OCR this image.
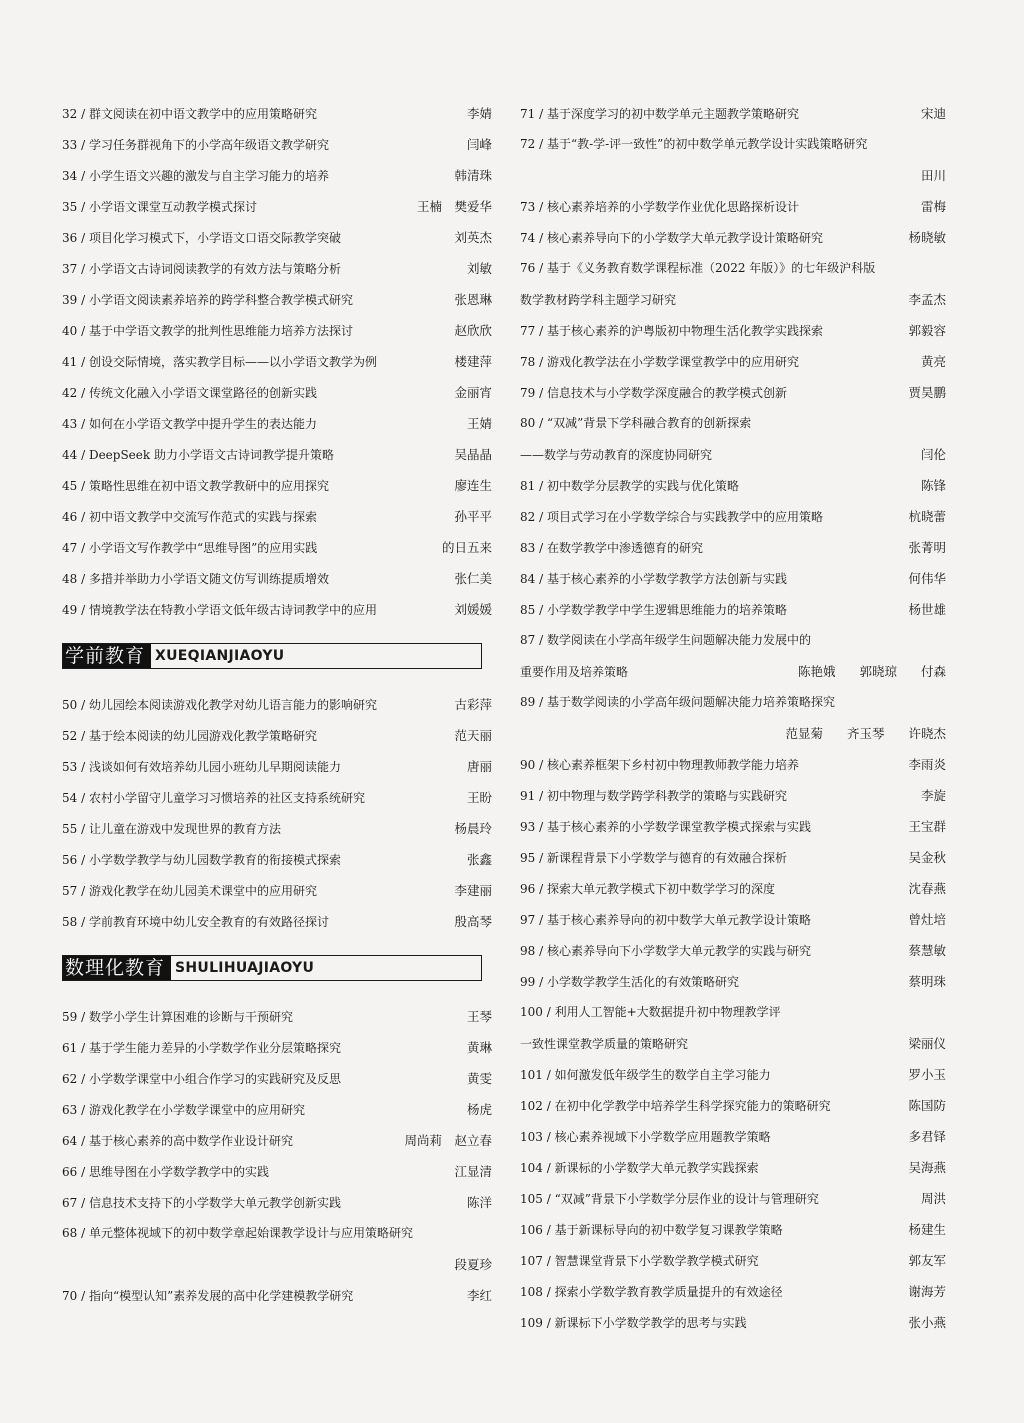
32 / 群文阅读在初中语文教学中的应用策略研究	李婧
33 / 学习任务群视角下的小学高年级语文教学研究	闫峰
34 / 小学生语文兴趣的激发与自主学习能力的培养	韩清珠
35 / 小学语文课堂互动教学模式探讨	王楠　樊爱华
36 / 项目化学习模式下，小学语文口语交际教学突破	刘英杰
37 / 小学语文古诗词阅读教学的有效方法与策略分析	刘敏
39 / 小学语文阅读素养培养的跨学科整合教学模式研究	张恩琳
40 / 基于中学语文教学的批判性思维能力培养方法探讨	赵欣欣
41 / 创设交际情境，落实教学目标——以小学语文教学为例	楼建萍
42 / 传统文化融入小学语文课堂路径的创新实践	金丽宵
43 / 如何在小学语文教学中提升学生的表达能力	王婧
44 / DeepSeek 助力小学语文古诗词教学提升策略	吴晶晶
45 / 策略性思维在初中语文教学教研中的应用探究	廖连生
46 / 初中语文教学中交流写作范式的实践与探索	孙平平
47 / 小学语文写作教学中“思维导图”的应用实践	的日五来
48 / 多措并举助力小学语文随文仿写训练提质增效	张仁美
49 / 情境教学法在特教小学语文低年级古诗词教学中的应用	刘媛媛
学前教育 XUEQIANJIAOYU
50 / 幼儿园绘本阅读游戏化教学对幼儿语言能力的影响研究	古彩萍
52 / 基于绘本阅读的幼儿园游戏化教学策略研究	范天丽
53 / 浅谈如何有效培养幼儿园小班幼儿早期阅读能力	唐丽
54 / 农村小学留守儿童学习习惯培养的社区支持系统研究	王盼
55 / 让儿童在游戏中发现世界的教育方法	杨晨玲
56 / 小学数学教学与幼儿园数学教育的衔接模式探索	张鑫
57 / 游戏化教学在幼儿园美术课堂中的应用研究	李建丽
58 / 学前教育环境中幼儿安全教育的有效路径探讨	殷高琴
数理化教育 SHULIHUAJIAOYU
59 / 数学小学生计算困难的诊断与干预研究	王琴
61 / 基于学生能力差异的小学数学作业分层策略探究	黄琳
62 / 小学数学课堂中小组合作学习的实践研究及反思	黄雯
63 / 游戏化教学在小学数学课堂中的应用研究	杨虎
64 / 基于核心素养的高中数学作业设计研究	周尚莉　赵立春
66 / 思维导图在小学数学教学中的实践	江显清
67 / 信息技术支持下的小学数学大单元教学创新实践	陈洋
68 / 单元整体视域下的初中数学章起始课教学设计与应用策略研究
段夏珍
70 / 指向“模型认知”素养发展的高中化学建模教学研究	李红
71 / 基于深度学习的初中数学单元主题教学策略研究	宋迪
72 / 基于“教-学-评一致性”的初中数学单元教学设计实践策略研究
田川
73 / 核心素养培养的小学数学作业优化思路探析设计	雷梅
74 / 核心素养导向下的小学数学大单元教学设计策略研究	杨晓敏
76 / 基于《义务教育数学课程标准（2022 年版）》的七年级沪科版
数学教材跨学科主题学习研究	李孟杰
77 / 基于核心素养的沪粤版初中物理生活化教学实践探索	郭毅容
78 / 游戏化教学法在小学数学课堂教学中的应用研究	黄亮
79 / 信息技术与小学数学深度融合的教学模式创新	贾昊鹏
80 / “双减”背景下学科融合教育的创新探索
——数学与劳动教育的深度协同研究	闫伦
81 / 初中数学分层教学的实践与优化策略	陈锋
82 / 项目式学习在小学数学综合与实践教学中的应用策略	杭晓蕾
83 / 在数学教学中渗透德育的研究	张菁明
84 / 基于核心素养的小学数学教学方法创新与实践	何伟华
85 / 小学数学教学中学生逻辑思维能力的培养策略	杨世雄
87 / 数学阅读在小学高年级学生问题解决能力发展中的
重要作用及培养策略	陈艳娥 郭晓琼 付森
89 / 基于数学阅读的小学高年级问题解决能力培养策略探究
范显菊 齐玉琴 许晓杰
90 / 核心素养框架下乡村初中物理教师教学能力培养	李雨炎
91 / 初中物理与数学跨学科教学的策略与实践研究	李旋
93 / 基于核心素养的小学数学课堂教学模式探索与实践	王宝群
95 / 新课程背景下小学数学与德育的有效融合探析	吴金秋
96 / 探索大单元教学模式下初中数学学习的深度	沈春燕
97 / 基于核心素养导向的初中数学大单元教学设计策略	曾灶培
98 / 核心素养导向下小学数学大单元教学的实践与研究	蔡慧敏
99 / 小学数学教学生活化的有效策略研究	蔡明珠
100 / 利用人工智能+大数据提升初中物理教学评
一致性课堂教学质量的策略研究	梁丽仪
101 / 如何激发低年级学生的数学自主学习能力	罗小玉
102 / 在初中化学教学中培养学生科学探究能力的策略研究	陈国防
103 / 核心素养视域下小学数学应用题教学策略	多君铎
104 / 新课标的小学数学大单元教学实践探索	吴海燕
105 / “双减”背景下小学数学分层作业的设计与管理研究	周洪
106 / 基于新课标导向的初中数学复习课教学策略	杨建生
107 / 智慧课堂背景下小学数学教学模式研究	郭友军
108 / 探索小学数学教育教学质量提升的有效途径	谢海芳
109 / 新课标下小学数学教学的思考与实践	张小燕
